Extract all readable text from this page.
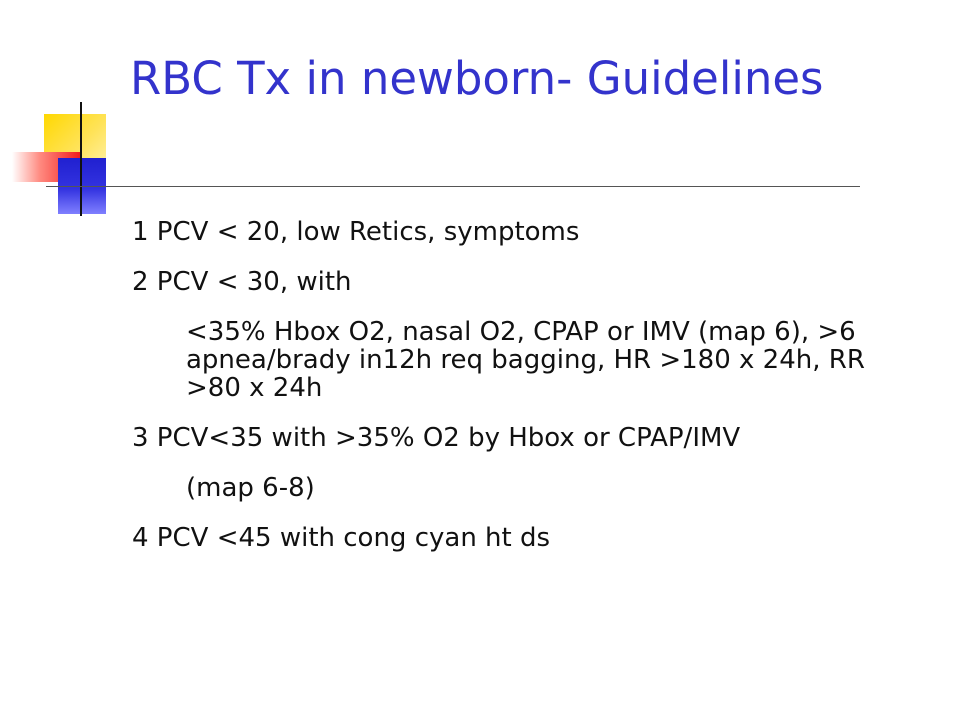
RBC Tx in newborn- Guidelines
1 PCV < 20, low Retics, symptoms
2 PCV < 30, with
<35% Hbox O2, nasal O2, CPAP or IMV (map 6), >6 apnea/brady in12h req bagging, HR >180 x 24h, RR >80 x 24h
3 PCV<35 with >35% O2 by Hbox or CPAP/IMV
(map 6-8)
4 PCV <45 with cong cyan ht ds
